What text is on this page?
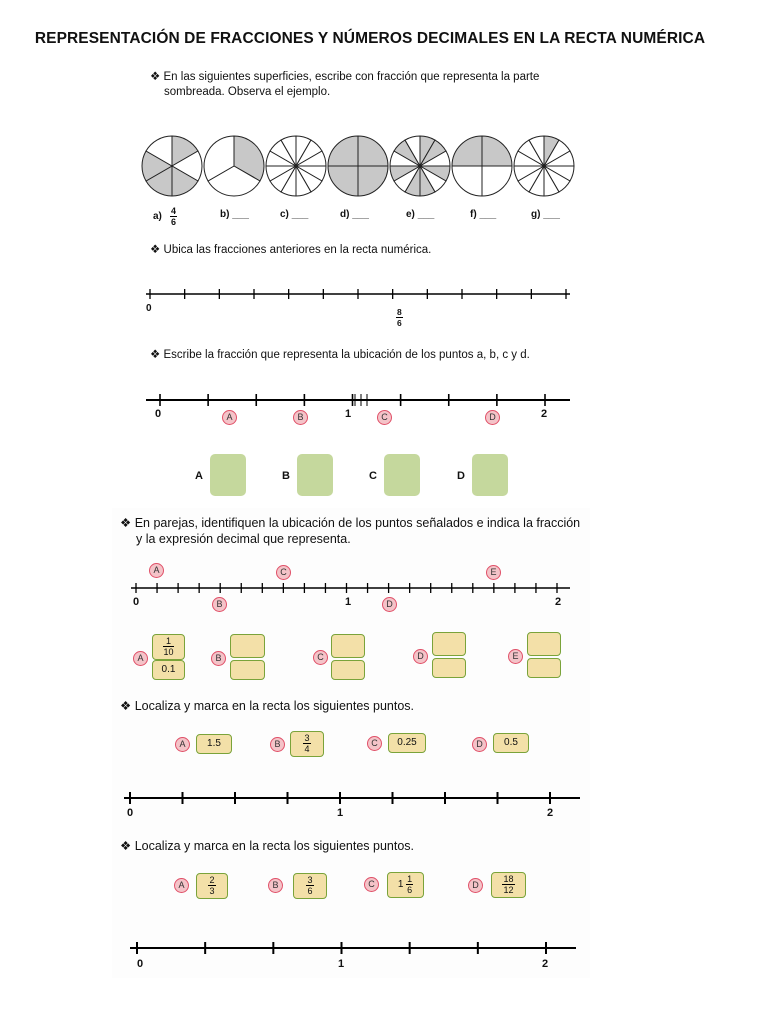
REPRESENTACIÓN DE FRACCIONES Y NÚMEROS DECIMALES EN LA RECTA NUMÉRICA
❖ En las siguientes superficies, escribe con fracción que representa la parte
sombreada. Observa el ejemplo.
$a) \frac{4}{6}$	b) ___	c) ___	d) ___	e) ___	f) ___	g) ___
❖ Ubica las fracciones anteriores en la recta numérica.
0	$\frac{8}{6}$
❖ Escribe la fracción que representa la ubicación de los puntos a, b, c y d.
0	1	2
A	B	C	D
A	B	C	D
❖ En parejas, identifiquen la ubicación de los puntos señalados e indica la fracción
y la expresión decimal que representa.
0	1	2
A
B
C
D
E
A
$\frac{1}{10}$
0.1
B	C	D	E
❖ Localiza y marca en la recta los siguientes puntos.
A	1.5	B	$\frac{3}{4}$	C	0.25	D	0.5
0	1	2
❖ Localiza y marca en la recta los siguientes puntos.
A	$\frac{2}{3}$	B	$\frac{3}{6}$	C	$1 \frac{1}{6}$	D	$\frac{18}{12}$
0	1	2
